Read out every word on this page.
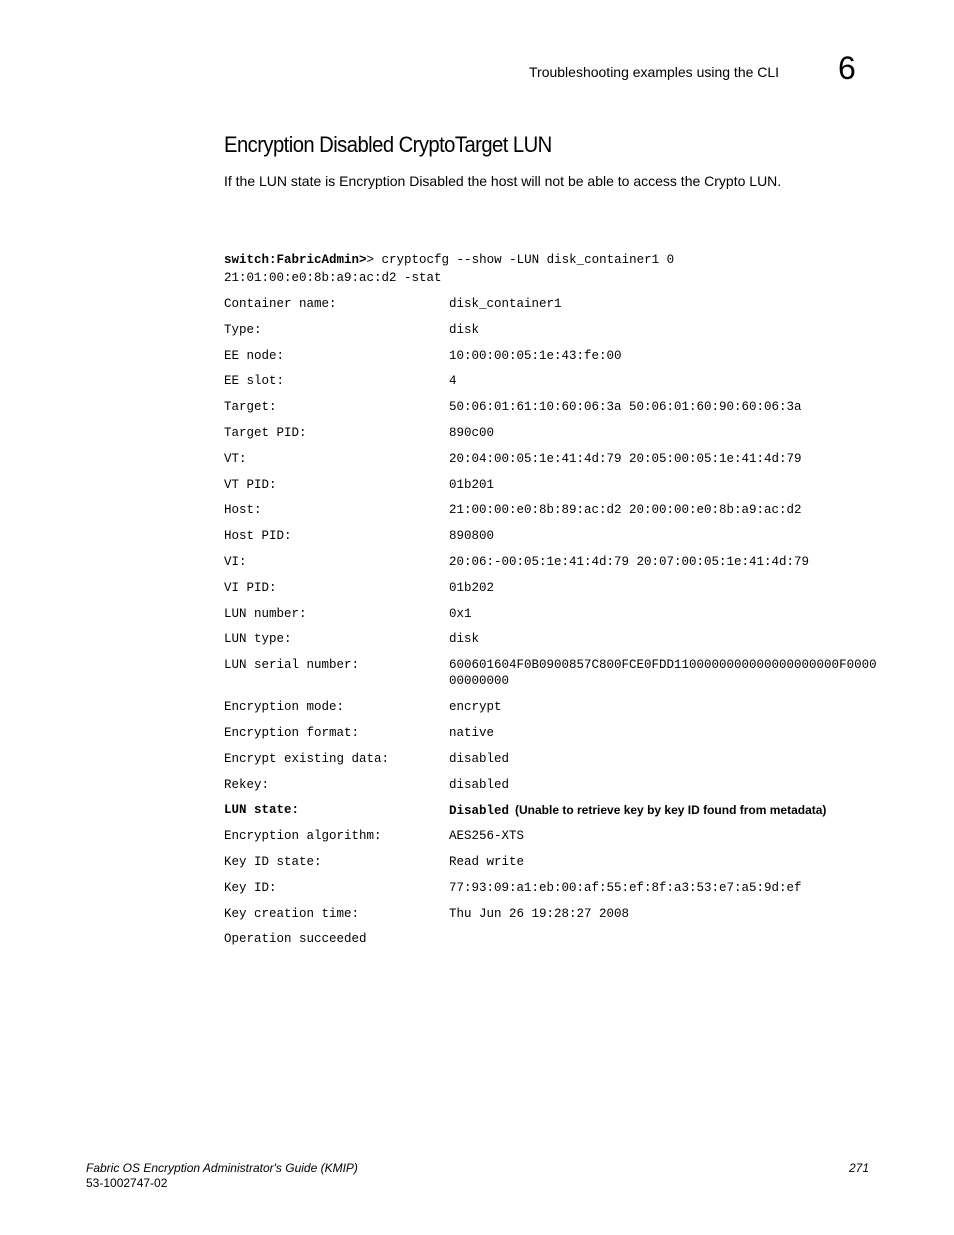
Troubleshooting examples using the CLI 6
Encryption Disabled CryptoTarget LUN
If the LUN state is Encryption Disabled the host will not be able to access the Crypto LUN.
switch:FabricAdmin>> cryptocfg --show -LUN disk_container1 0
21:01:00:e0:8b:a9:ac:d2 -stat
Container name:	disk_container1
Type:	disk
EE node:	10:00:00:05:1e:43:fe:00
EE slot:	4
Target:	50:06:01:61:10:60:06:3a 50:06:01:60:90:60:06:3a
Target PID:	890c00
VT:	20:04:00:05:1e:41:4d:79 20:05:00:05:1e:41:4d:79
VT PID:	01b201
Host:	21:00:00:e0:8b:89:ac:d2 20:00:00:e0:8b:a9:ac:d2
Host PID:	890800
VI:	20:06:-00:05:1e:41:4d:79 20:07:00:05:1e:41:4d:79
VI PID:	01b202
LUN number:	0x1
LUN type:	disk
LUN serial number:	600601604F0B0900857C800FCE0FDD1100000000000000000000F000000000000
Encryption mode:	encrypt
Encryption format:	native
Encrypt existing data:	disabled
Rekey:	disabled
LUN state:	Disabled (Unable to retrieve key by key ID found from metadata)
Encryption algorithm:	AES256-XTS
Key ID state:	Read write
Key ID:	77:93:09:a1:eb:00:af:55:ef:8f:a3:53:e7:a5:9d:ef
Key creation time:	Thu Jun 26 19:28:27 2008
Operation succeeded
Fabric OS Encryption Administrator's Guide (KMIP)
53-1002747-02
271
